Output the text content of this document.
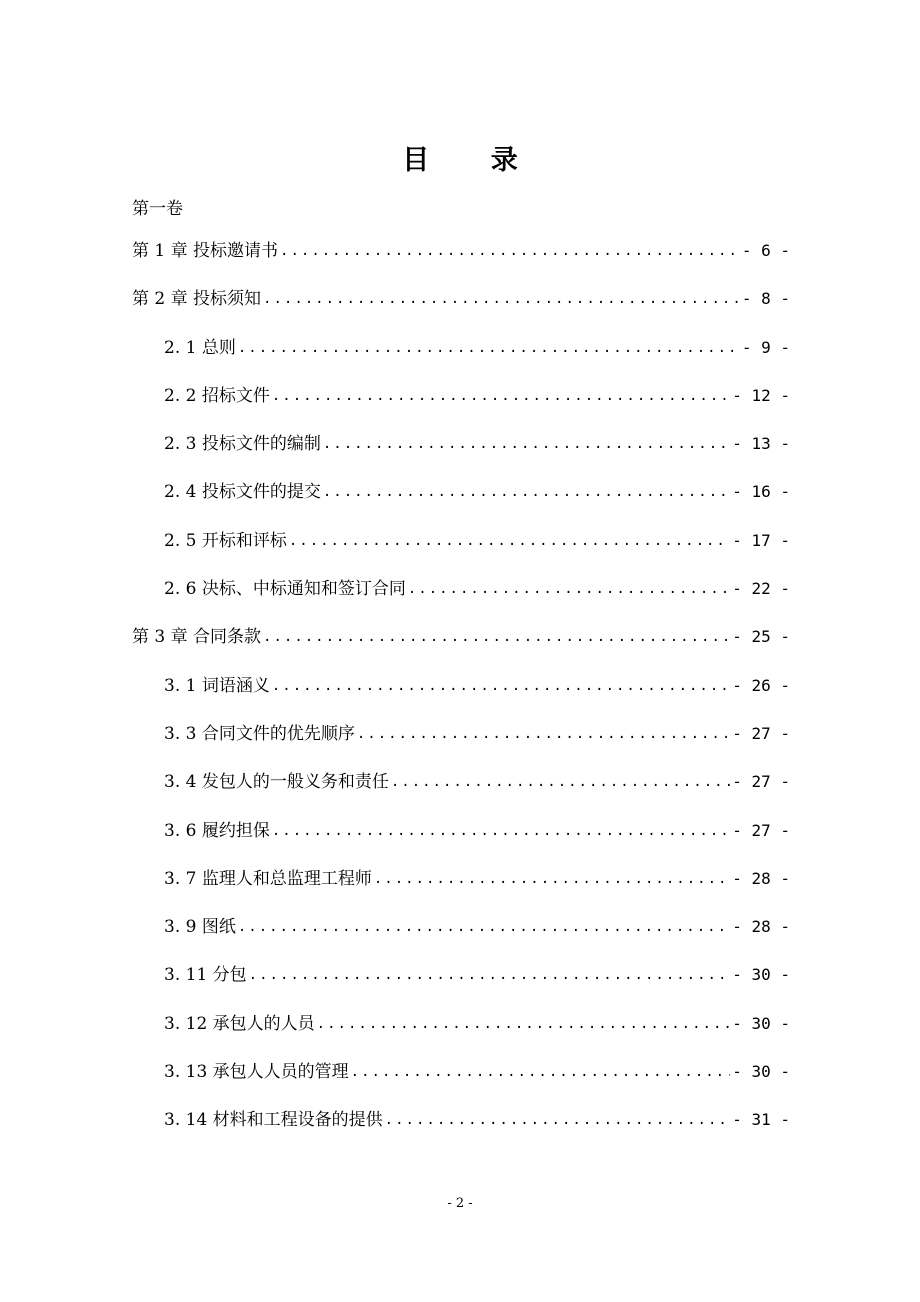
目 录
第一卷
第 1 章 投标邀请书 .....	- 6 -
第 2 章 投标须知 .....	- 8 -
2. 1 总则 .....	- 9 -
2. 2 招标文件 .....	- 12 -
2. 3 投标文件的编制 .....	- 13 -
2. 4 投标文件的提交 .....	- 16 -
2. 5 开标和评标 .....	- 17 -
2. 6 决标、中标通知和签订合同 .....	- 22 -
第 3 章 合同条款 .....	- 25 -
3. 1 词语涵义 .....	- 26 -
3. 3 合同文件的优先顺序 .....	- 27 -
3. 4 发包人的一般义务和责任 .....	- 27 -
3. 6 履约担保 .....	- 27 -
3. 7 监理人和总监理工程师 .....	- 28 -
3. 9 图纸 .....	- 28 -
3. 11 分包 .....	- 30 -
3. 12 承包人的人员 .....	- 30 -
3. 13 承包人人员的管理 .....	- 30 -
3. 14 材料和工程设备的提供 .....	- 31 -
- 2 -
